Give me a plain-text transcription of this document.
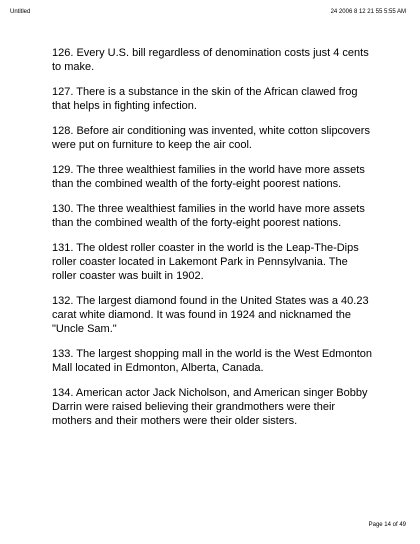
Untitled	24 2006 8 12 21 55 5:55 AM

126. Every U.S. bill regardless of denomination costs just 4 cents to make.

127. There is a substance in the skin of the African clawed frog that helps in fighting infection.

128. Before air conditioning was invented, white cotton slipcovers were put on furniture to keep the air cool.

129. The three wealthiest families in the world have more assets than the combined wealth of the forty-eight poorest nations.

130. The three wealthiest families in the world have more assets than the combined wealth of the forty-eight poorest nations.

131. The oldest roller coaster in the world is the Leap-The-Dips roller coaster located in Lakemont Park in Pennsylvania. The roller coaster was built in 1902.

132. The largest diamond found in the United States was a 40.23 carat white diamond. It was found in 1924 and nicknamed the "Uncle Sam."

133. The largest shopping mall in the world is the West Edmonton Mall located in Edmonton, Alberta, Canada.

134. American actor Jack Nicholson, and American singer Bobby Darrin were raised believing their grandmothers were their mothers and their mothers were their older sisters.

Page 14 of 49
